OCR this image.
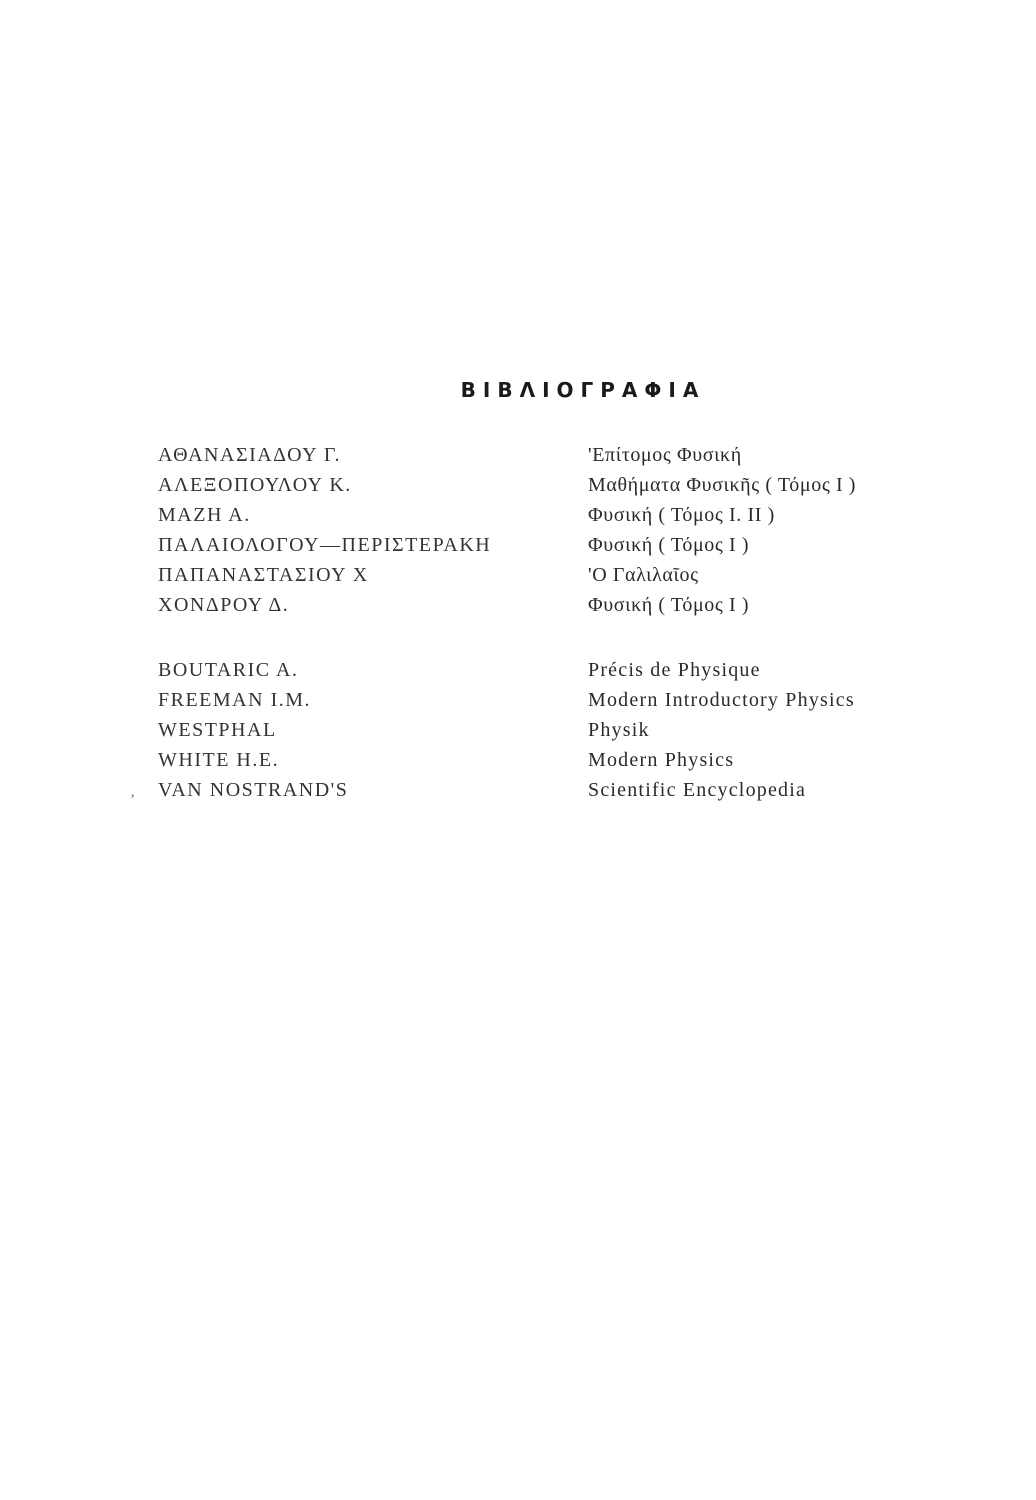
ΒΙΒΛΙΟΓΡΑΦΙΑ
ΑΘΑΝΑΣΙΑΔΟΥ Γ.
ΑΛΕΞΟΠΟΥΛΟΥ Κ.
ΜΑΖΗ Α.
ΠΑΛΑΙΟΛΟΓΟΥ—ΠΕΡΙΣΤΕΡΑΚΗ
ΠΑΠΑΝΑΣΤΑΣΙΟΥ Χ
ΧΟΝΔΡΟΥ Δ.
'Επίτομος Φυσική
Μαθήματα Φυσικῆς ( Τόμος Ι )
Φυσική ( Τόμος Ι. ΙΙ )
Φυσική ( Τόμος Ι )
'Ο Γαλιλαῖος
Φυσική ( Τόμος Ι )
BOUTARIC A.
FREEMAN I.M.
WESTPHAL
WHITE H.E.
VAN NOSTRAND'S
Précis de Physique
Modern Introductory Physics
Physik
Modern Physics
Scientific Encyclopedia
,
